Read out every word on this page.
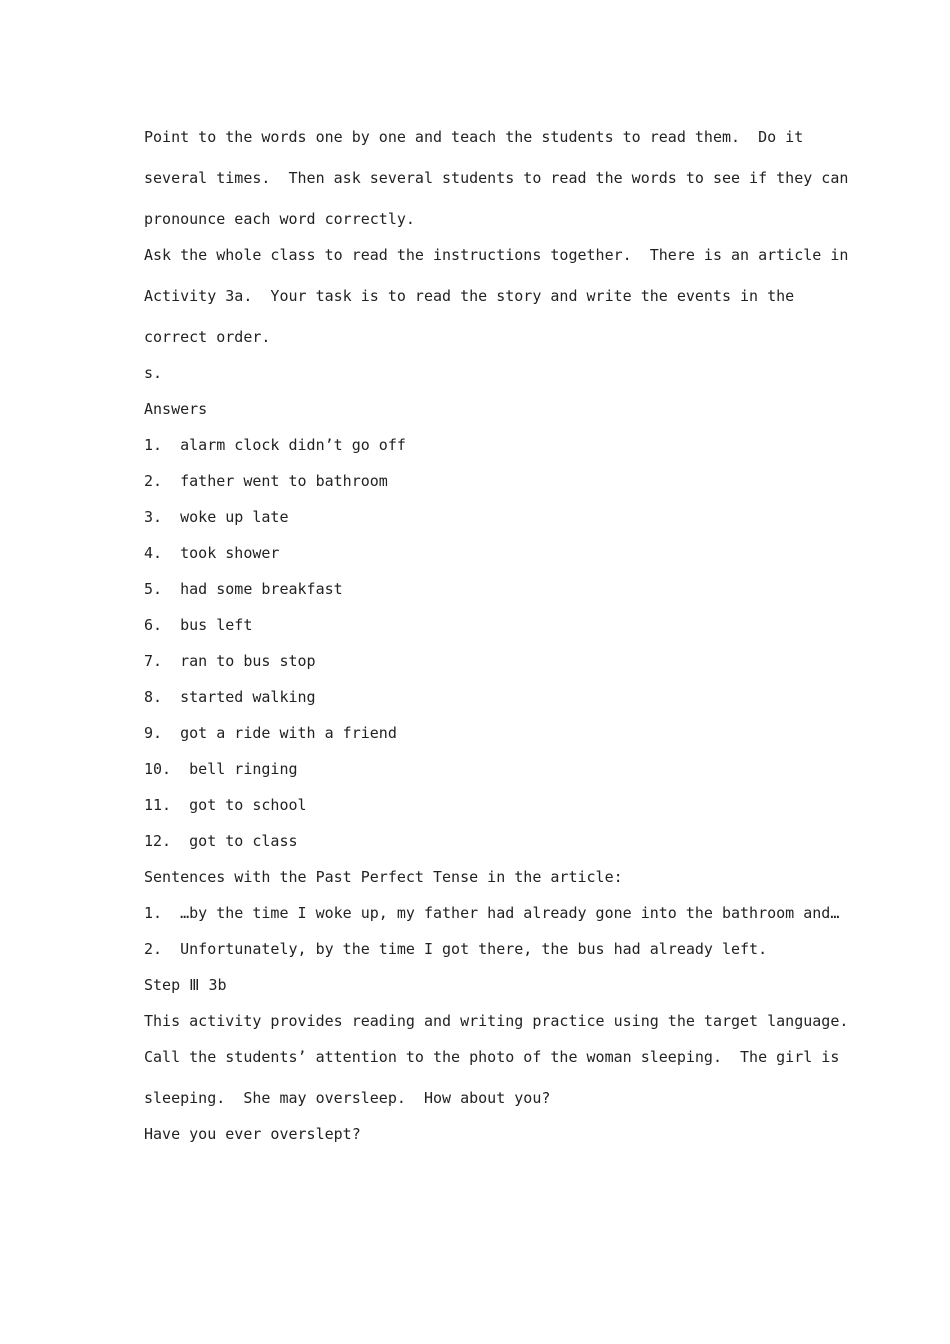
Point to the words one by one and teach the students to read them.  Do it

several times.  Then ask several students to read the words to see if they can

pronounce each word correctly.

Ask the whole class to read the instructions together.  There is an article in

Activity 3a.  Your task is to read the story and write the events in the

correct order.

s.

Answers

1.  alarm clock didn’t go off

2.  father went to bathroom

3.  woke up late

4.  took shower

5.  had some breakfast

6.  bus left

7.  ran to bus stop

8.  started walking

9.  got a ride with a friend

10.  bell ringing

11.  got to school

12.  got to class

Sentences with the Past Perfect Tense in the article:

1.  …by the time I woke up, my father had already gone into the bathroom and…

2.  Unfortunately, by the time I got there, the bus had already left.

Step Ⅲ 3b

This activity provides reading and writing practice using the target language.

Call the students’ attention to the photo of the woman sleeping.  The girl is

sleeping.  She may oversleep.  How about you?

Have you ever overslept?
